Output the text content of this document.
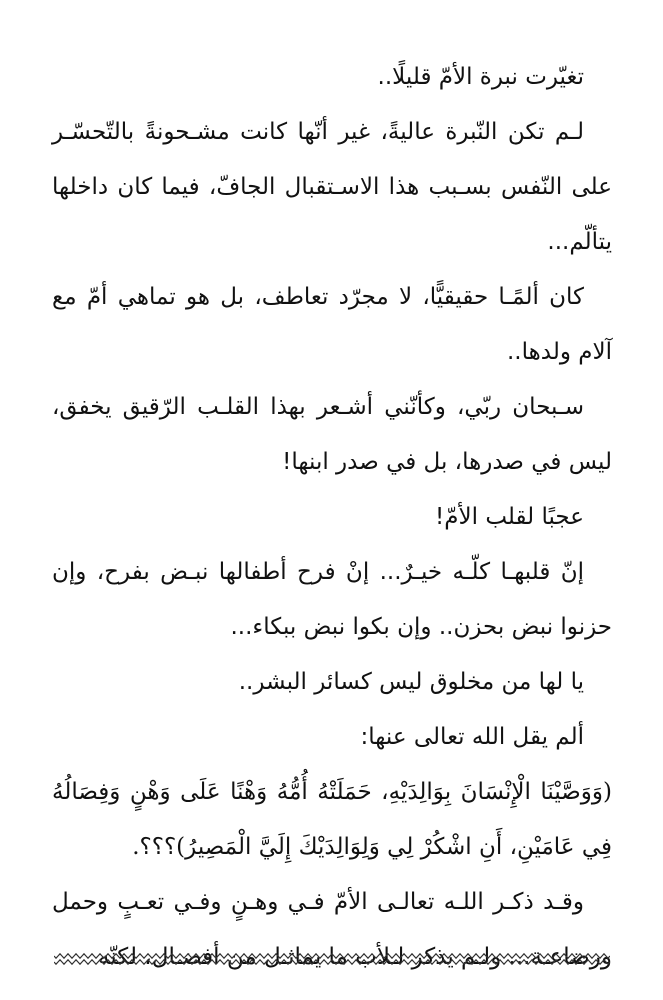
تغيّرت نبرة الأمّ قليلًا..

لـم تكن النّبرة عاليةً، غير أنّها كانت مشـحونةً بالتّحسّـر على النّفس بسـبب هذا الاسـتقبال الجافّ، فيما كان داخلها يتألّم...

كان ألمًـا حقيقيًّا، لا مجرّد تعاطف، بل هو تماهي أمّ مع آلام ولدها..

سـبحان ربّي، وكأنّني أشـعر بهذا القلـب الرّقيق يخفق، ليس في صدرها، بل في صدر ابنها!

عجبًا لقلب الأمّ!

إنّ قلبهـا كلّـه خيـرٌ... إنْ فرح أطفالها نبـض بفرح، وإن حزنوا نبض بحزن.. وإن بكوا نبض ببكاء...

يا لها من مخلوق ليس كسائر البشر..

ألم يقل الله تعالى عنها:

(وَوَصَّيْنَا الْإِنْسَانَ بِوَالِدَيْهِ، حَمَلَتْهُ أُمُّهُ وَهْنًا عَلَى وَهْنٍ وَفِصَالُهُ فِي عَامَيْنِ، أَنِ اشْكُرْ لِي وَلِوَالِدَيْكَ إِلَيَّ الْمَصِيرُ)؟؟؟.

وقـد ذكـر اللـه تعالـى الأمّ فـي وهـنٍ وفـي تعـبٍ وحمل ورضاعـة... ولـم يذكر لـلأب ما يماثـل من أفضـال، لكنّه
